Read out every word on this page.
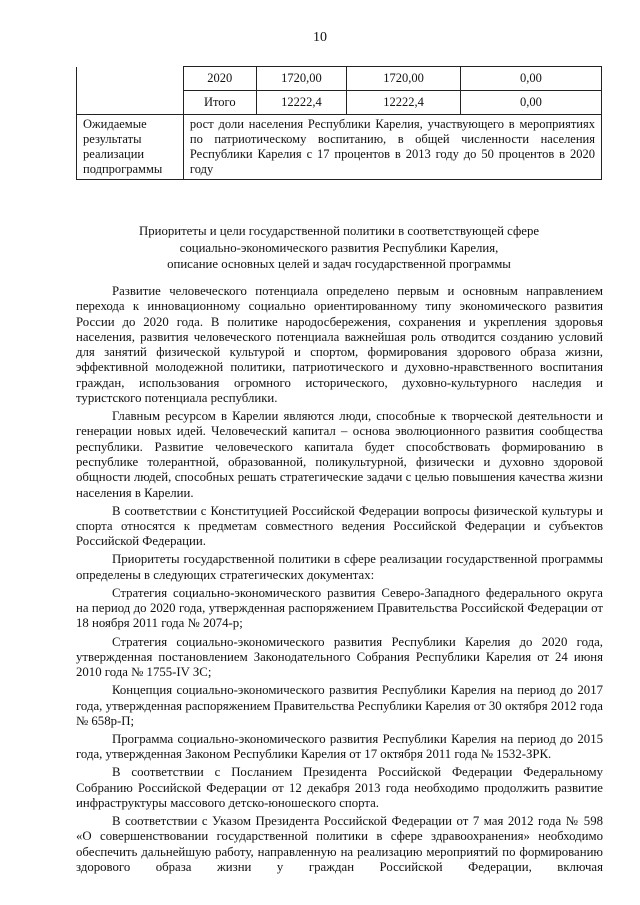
10
	2020	1720,00	1720,00	0,00
	Итого	12222,4	12222,4	0,00
Ожидаемые результаты реализации подпрограммы	рост доли населения Республики Карелия, участвующего в мероприятиях по патриотическому воспитанию, в общей численности населения Республики Карелия с 17 процентов в 2013 году до 50 процентов в 2020 году			
Приоритеты и цели государственной политики в соответствующей сфере
социально-экономического развития Республики Карелия,
описание основных целей и задач государственной программы

Развитие человеческого потенциала определено первым и основным направлением перехода к инновационному социально ориентированному типу экономического развития России до 2020 года. В политике народосбережения, сохранения и укрепления здоровья населения, развития человеческого потенциала важнейшая роль отводится созданию условий для занятий физической культурой и спортом, формирования здорового образа жизни, эффективной молодежной политики, патриотического и духовно-нравственного воспитания граждан, использования огромного исторического, духовно-культурного наследия и туристского потенциала республики.

Главным ресурсом в Карелии являются люди, способные к творческой деятельности и генерации новых идей. Человеческий капитал – основа эволюционного развития сообщества республики. Развитие человеческого капитала будет способствовать формированию в республике толерантной, образованной, поликультурной, физически и духовно здоровой общности людей, способных решать стратегические задачи с целью повышения качества жизни населения в Карелии.

В соответствии с Конституцией Российской Федерации вопросы физической культуры и спорта относятся к предметам совместного ведения Российской Федерации и субъектов Российской Федерации.

Приоритеты государственной политики в сфере реализации государственной программы определены в следующих стратегических документах:

Стратегия социально-экономического развития Северо-Западного федерального округа на период до 2020 года, утвержденная распоряжением Правительства Российской Федерации от 18 ноября 2011 года № 2074-р;

Стратегия социально-экономического развития Республики Карелия до 2020 года, утвержденная постановлением Законодательного Собрания Республики Карелия от 24 июня 2010 года № 1755-IV ЗС;

Концепция социально-экономического развития Республики Карелия на период до 2017 года, утвержденная распоряжением Правительства Республики Карелия от 30 октября 2012 года № 658р-П;

Программа социально-экономического развития Республики Карелия на период до 2015 года, утвержденная Законом Республики Карелия от 17 октября 2011 года № 1532-ЗРК.

В соответствии с Посланием Президента Российской Федерации Федеральному Собранию Российской Федерации от 12 декабря 2013 года необходимо продолжить развитие инфраструктуры массового детско-юношеского спорта.

В соответствии с Указом Президента Российской Федерации от 7 мая 2012 года № 598 «О совершенствовании государственной политики в сфере здравоохранения» необходимо обеспечить дальнейшую работу, направленную на реализацию мероприятий по формированию здорового образа жизни у граждан Российской Федерации, включая
